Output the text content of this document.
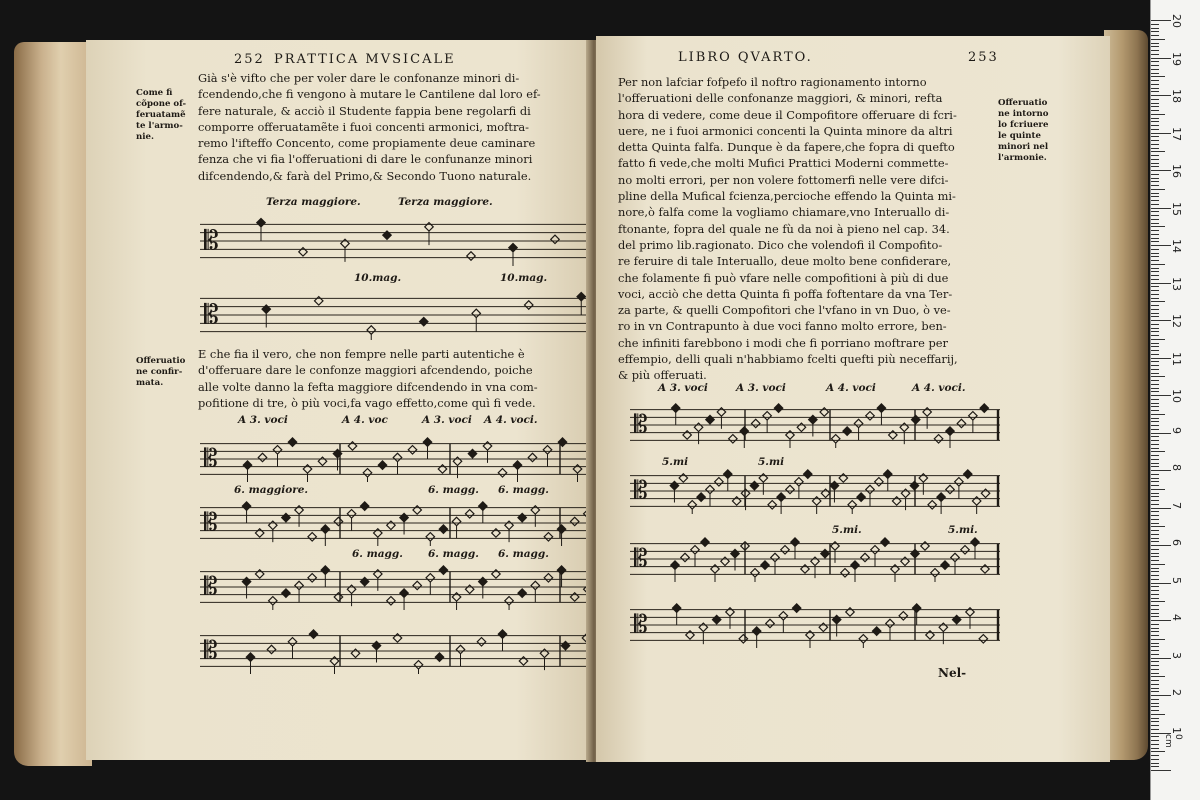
252 PRATTICA MVSICALE
Come fi
cõpone of-
feruatamẽ
te l'armo-
nie.
Già s'è vifto che per voler dare le confonanze minori di-
fcendendo,che fi vengono à mutare le Cantilene dal loro ef-
fere naturale, & acciò il Studente fappia bene regolarfi di
comporre offeruatamẽte i fuoi concenti armonici, moftra-
remo l'ifteffo Concento, come propiamente deue caminare
fenza che vi fia l'offeruationi di dare le confunanze minori
difcendendo,& farà del Primo,& Secondo Tuono naturale.
Terza maggiore.	Terza maggiore.
𝄡
10.mag.	10.mag.
𝄡
Offeruatio
ne confir-
mata.
E che fia il vero, che non fempre nelle parti autentiche è
d'offeruare dare le confonze maggiori afcendendo, poiche
alle volte danno la fefta maggiore difcendendo in vna com-
pofitione di tre, ò più voci,fa vago effetto,come quì fi vede.
A 3. voci	A 4. voc	A 3. voci A 4. voci.
𝄡
6. maggiore.	6. magg. 6. magg.
𝄡
6. magg. 6. magg. 6. magg.
𝄡
𝄡
LIBRO QVARTO.	253
Per non lafciar fofpefo il noftro ragionamento intorno
l'offeruationi delle confonanze maggiori, & minori, refta
hora di vedere, come deue il Compofitore offeruare di fcri-
uere, ne i fuoi armonici concenti la Quinta minore da altri
detta Quinta falfa. Dunque è da fapere,che fopra di quefto
fatto fi vede,che molti Mufici Prattici Moderni commette-
no molti errori, per non volere fottomerfi nelle vere difci-
pline della Mufical fcienza,percioche effendo la Quinta mi-
nore,ò falfa come la vogliamo chiamare,vno Interuallo di-
ftonante, fopra del quale ne fù da noi à pieno nel cap. 34.
del primo lib.ragionato. Dico che volendofi il Compofito-
re feruire di tale Interuallo, deue molto bene confiderare,
che folamente fi può vfare nelle compofitioni à più di due
voci, acciò che detta Quinta fi poffa foftentare da vna Ter-
za parte, & quelli Compofitori che l'vfano in vn Duo, ò ve-
ro in vn Contrapunto à due voci fanno molto errore, ben-
che infiniti farebbono i modi che fi porriano moftrare per
effempio, delli quali n'habbiamo fcelti quefti più neceffarij,
& più offeruati.
Offeruatio
ne intorno
lo fcriuere
le quinte
minori nel
l'armonie.
A 3. voci	A 3. voci	A 4. voci	A 4. voci.
𝄡
5.mi	5.mi
𝄡
5.mi.	5.mi.
𝄡
𝄡
Nel-
0 cm
1
2
3
4
5
6
7
8
9
10
11
12
13
14
15
16
17
18
19
20
